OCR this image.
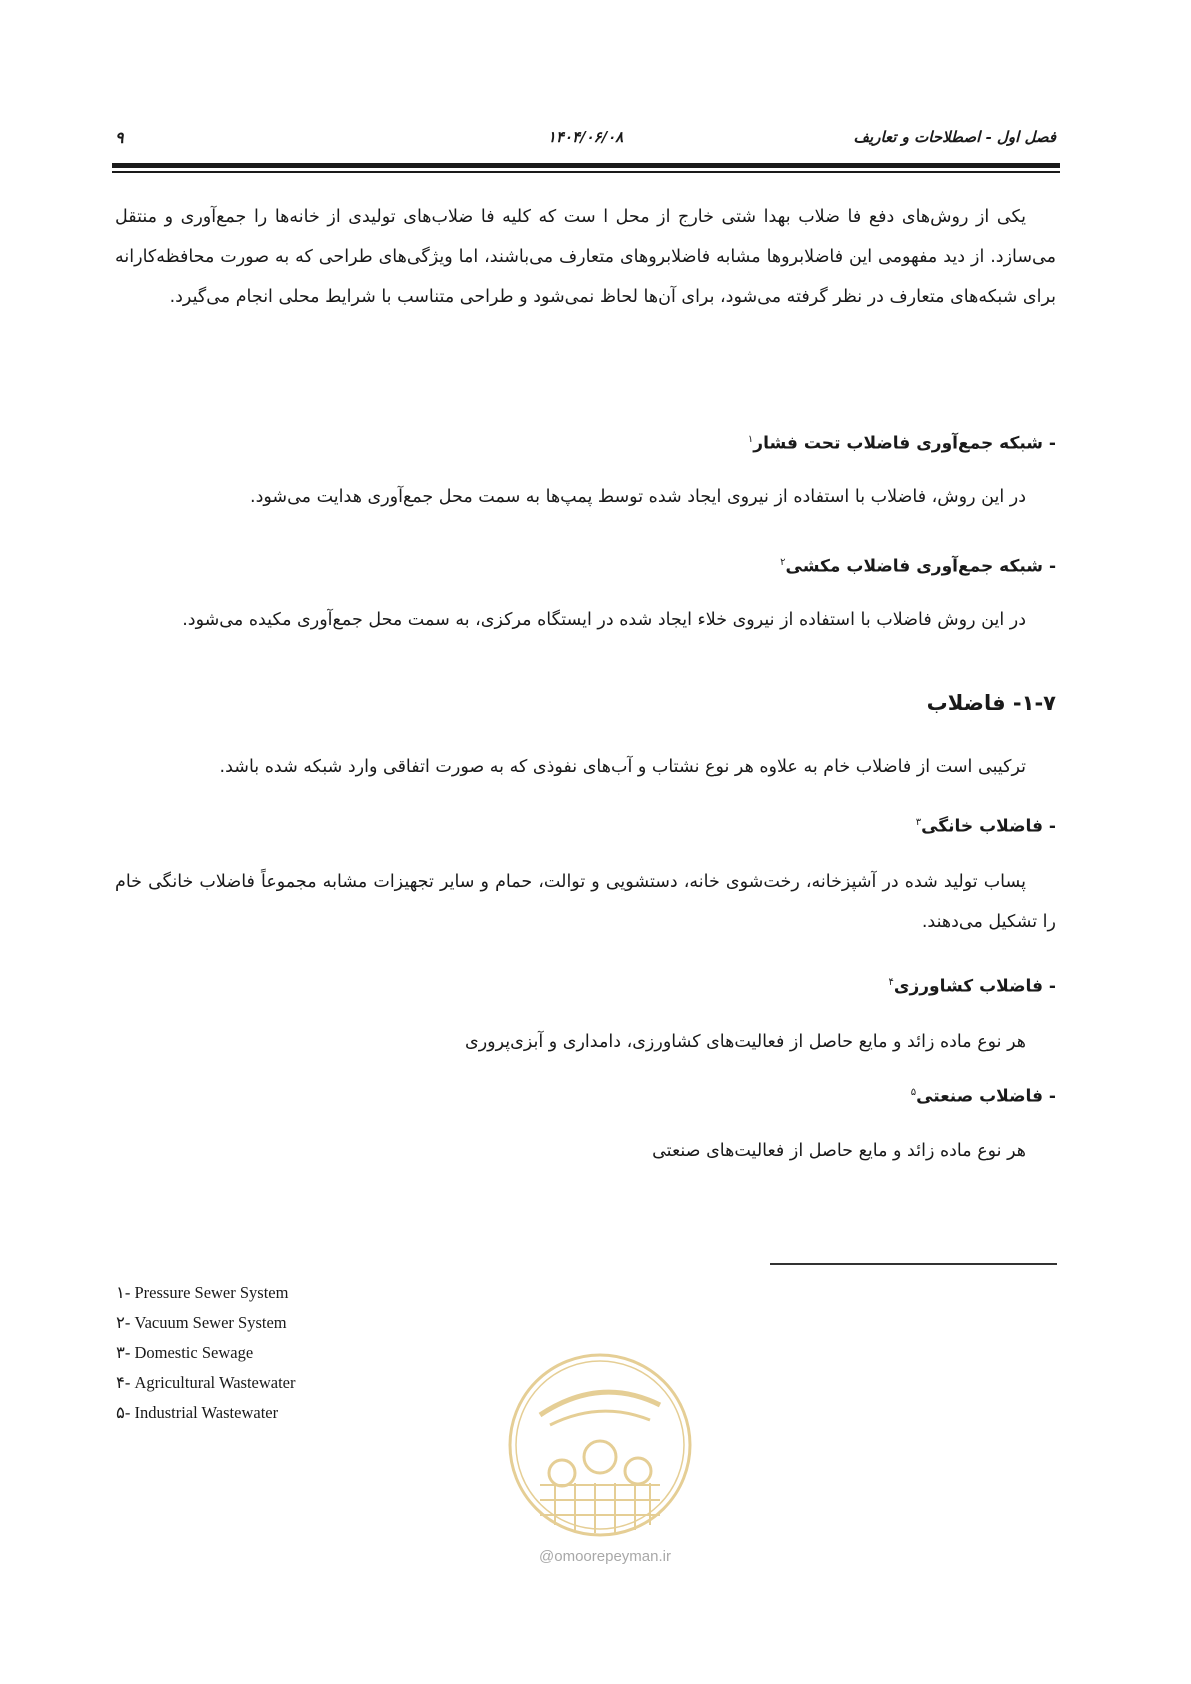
۹	۱۴۰۴/۰۶/۰۸	فصل اول - اصطلاحات و تعاریف

یکی از روش‌های دفع فا ضلاب بهدا شتی خارج از محل ا ست که کلیه فا ضلاب‌های تولیدی از خانه‌ها را جمع‌آوری و منتقل می‌سازد. از دید مفهومی این فاضلابروها مشابه فاضلابروهای متعارف می‌باشند، اما ویژگی‌های طراحی که به صورت محافظه‌کارانه برای شبکه‌های متعارف در نظر گرفته می‌شود، برای آن‌ها لحاظ نمی‌شود و طراحی متناسب با شرایط محلی انجام می‌گیرد.

- شبکه جمع‌آوری فاضلاب تحت فشار$^۱$

در این روش، فاضلاب با استفاده از نیروی ایجاد شده توسط پمپ‌ها به سمت محل جمع‌آوری هدایت می‌شود.

- شبکه جمع‌آوری فاضلاب مکشی$^۲$

در این روش فاضلاب با استفاده از نیروی خلاء ایجاد شده در ایستگاه مرکزی، به سمت محل جمع‌آوری مکیده می‌شود.

۱-۷- فاضلاب

ترکیبی است از فاضلاب خام به علاوه هر نوع نشتاب و آب‌های نفوذی که به صورت اتفاقی وارد شبکه شده باشد.

- فاضلاب خانگی$^۳$

پساب تولید شده در آشپزخانه، رخت‌شوی خانه، دستشویی و توالت، حمام و سایر تجهیزات مشابه مجموعاً فاضلاب خانگی خام را تشکیل می‌دهند.

- فاضلاب کشاورزی$^۴$

هر نوع ماده زائد و مایع حاصل از فعالیت‌های کشاورزی، دامداری و آبزی‌پروری

- فاضلاب صنعتی$^۵$

هر نوع ماده زائد و مایع حاصل از فعالیت‌های صنعتی

۱- Pressure Sewer System
۲- Vacuum Sewer System
۳- Domestic Sewage
۴- Agricultural Wastewater
۵- Industrial Wastewater
@omoorepeyman.ir
